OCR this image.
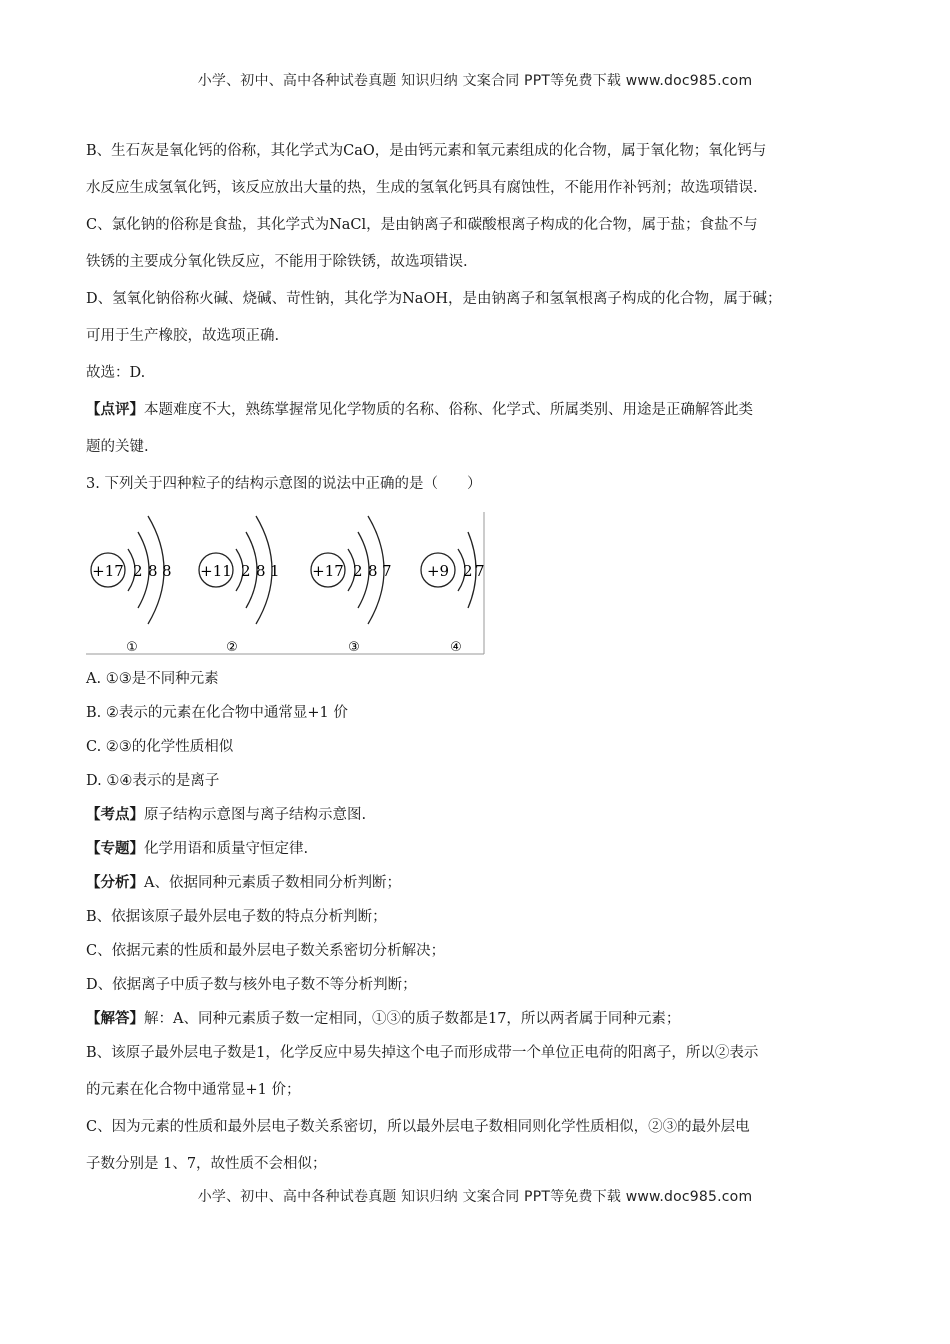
小学、初中、高中各种试卷真题 知识归纳 文案合同 PPT等免费下载 www.doc985.com
B、生石灰是氧化钙的俗称，其化学式为CaO，是由钙元素和氧元素组成的化合物，属于氧化物；氧化钙与
水反应生成氢氧化钙，该反应放出大量的热，生成的氢氧化钙具有腐蚀性，不能用作补钙剂；故选项错误.
C、氯化钠的俗称是食盐，其化学式为NaCl，是由钠离子和碳酸根离子构成的化合物，属于盐；食盐不与
铁锈的主要成分氧化铁反应，不能用于除铁锈，故选项错误.
D、氢氧化钠俗称火碱、烧碱、苛性钠，其化学为NaOH，是由钠离子和氢氧根离子构成的化合物，属于碱；
可用于生产橡胶，故选项正确.
故选：D.
【点评】本题难度不大，熟练掌握常见化学物质的名称、俗称、化学式、所属类别、用途是正确解答此类
题的关键.
3. 下列关于四种粒子的结构示意图的说法中正确的是（　　）
+17 2 8 8
①
+11 2 8 1
②
+17 2 8 7
③
+9 2 7
④
A. ①③是不同种元素
B. ②表示的元素在化合物中通常显+1 价
C. ②③的化学性质相似
D. ①④表示的是离子
【考点】原子结构示意图与离子结构示意图.
【专题】化学用语和质量守恒定律.
【分析】A、依据同种元素质子数相同分析判断；
B、依据该原子最外层电子数的特点分析判断；
C、依据元素的性质和最外层电子数关系密切分析解决；
D、依据离子中质子数与核外电子数不等分析判断；
【解答】解：A、同种元素质子数一定相同，①③的质子数都是17，所以两者属于同种元素；
B、该原子最外层电子数是1，化学反应中易失掉这个电子而形成带一个单位正电荷的阳离子，所以②表示
的元素在化合物中通常显+1 价；
C、因为元素的性质和最外层电子数关系密切，所以最外层电子数相同则化学性质相似，②③的最外层电
子数分别是 1、7，故性质不会相似；
小学、初中、高中各种试卷真题 知识归纳 文案合同 PPT等免费下载 www.doc985.com
